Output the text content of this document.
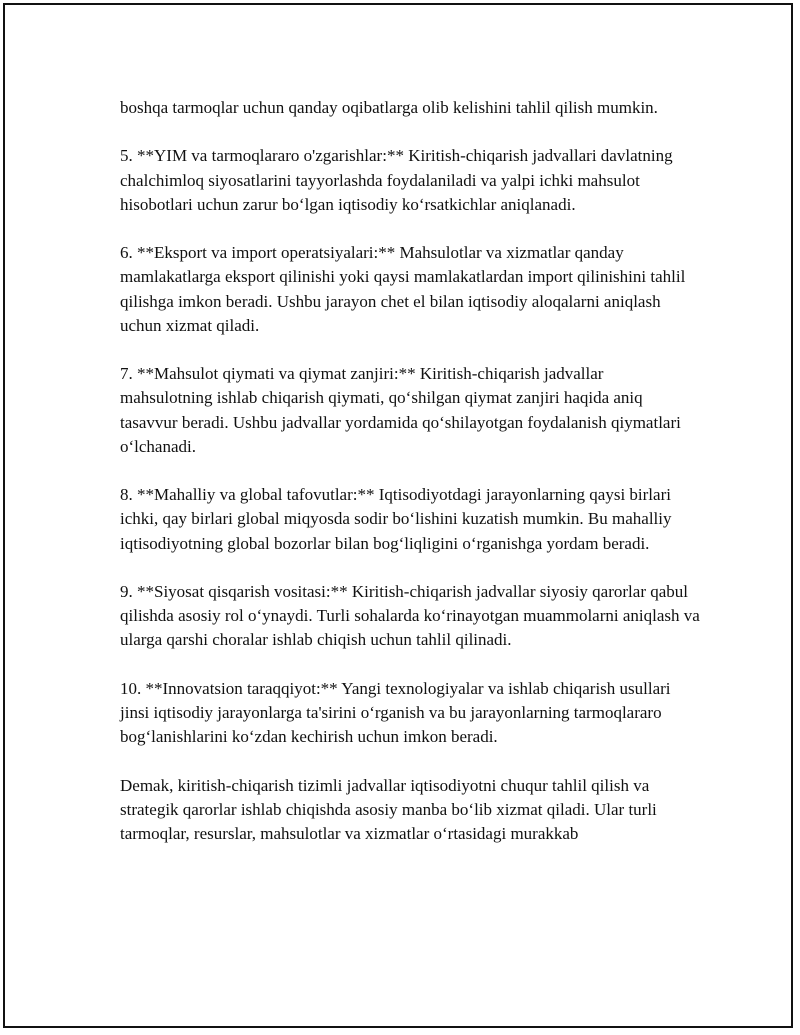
boshqa tarmoqlar uchun qanday oqibatlarga olib kelishini tahlil qilish mumkin.

5. **YIM va tarmoqlararo o'zgarishlar:** Kiritish-chiqarish jadvallari davlatning chalchimloq siyosatlarini tayyorlashda foydalaniladi va yalpi ichki mahsulot hisobotlari uchun zarur bo‘lgan iqtisodiy ko‘rsatkichlar aniqlanadi.

6. **Eksport va import operatsiyalari:** Mahsulotlar va xizmatlar qanday mamlakatlarga eksport qilinishi yoki qaysi mamlakatlardan import qilinishini tahlil qilishga imkon beradi. Ushbu jarayon chet el bilan iqtisodiy aloqalarni aniqlash uchun xizmat qiladi.

7. **Mahsulot qiymati va qiymat zanjiri:** Kiritish-chiqarish jadvallar mahsulotning ishlab chiqarish qiymati, qo‘shilgan qiymat zanjiri haqida aniq tasavvur beradi. Ushbu jadvallar yordamida qo‘shilayotgan foydalanish qiymatlari o‘lchanadi.

8. **Mahalliy va global tafovutlar:** Iqtisodiyotdagi jarayonlarning qaysi birlari ichki, qay birlari global miqyosda sodir bo‘lishini kuzatish mumkin. Bu mahalliy iqtisodiyotning global bozorlar bilan bog‘liqligini o‘rganishga yordam beradi.

9. **Siyosat qisqarish vositasi:** Kiritish-chiqarish jadvallar siyosiy qarorlar qabul qilishda asosiy rol o‘ynaydi. Turli sohalarda ko‘rinayotgan muammolarni aniqlash va ularga qarshi choralar ishlab chiqish uchun tahlil qilinadi.

10. **Innovatsion taraqqiyot:** Yangi texnologiyalar va ishlab chiqarish usullari jinsi iqtisodiy jarayonlarga ta'sirini o‘rganish va bu jarayonlarning tarmoqlararo bog‘lanishlarini ko‘zdan kechirish uchun imkon beradi.

Demak, kiritish-chiqarish tizimli jadvallar iqtisodiyotni chuqur tahlil qilish va strategik qarorlar ishlab chiqishda asosiy manba bo‘lib xizmat qiladi. Ular turli tarmoqlar, resurslar, mahsulotlar va xizmatlar o‘rtasidagi murakkab
